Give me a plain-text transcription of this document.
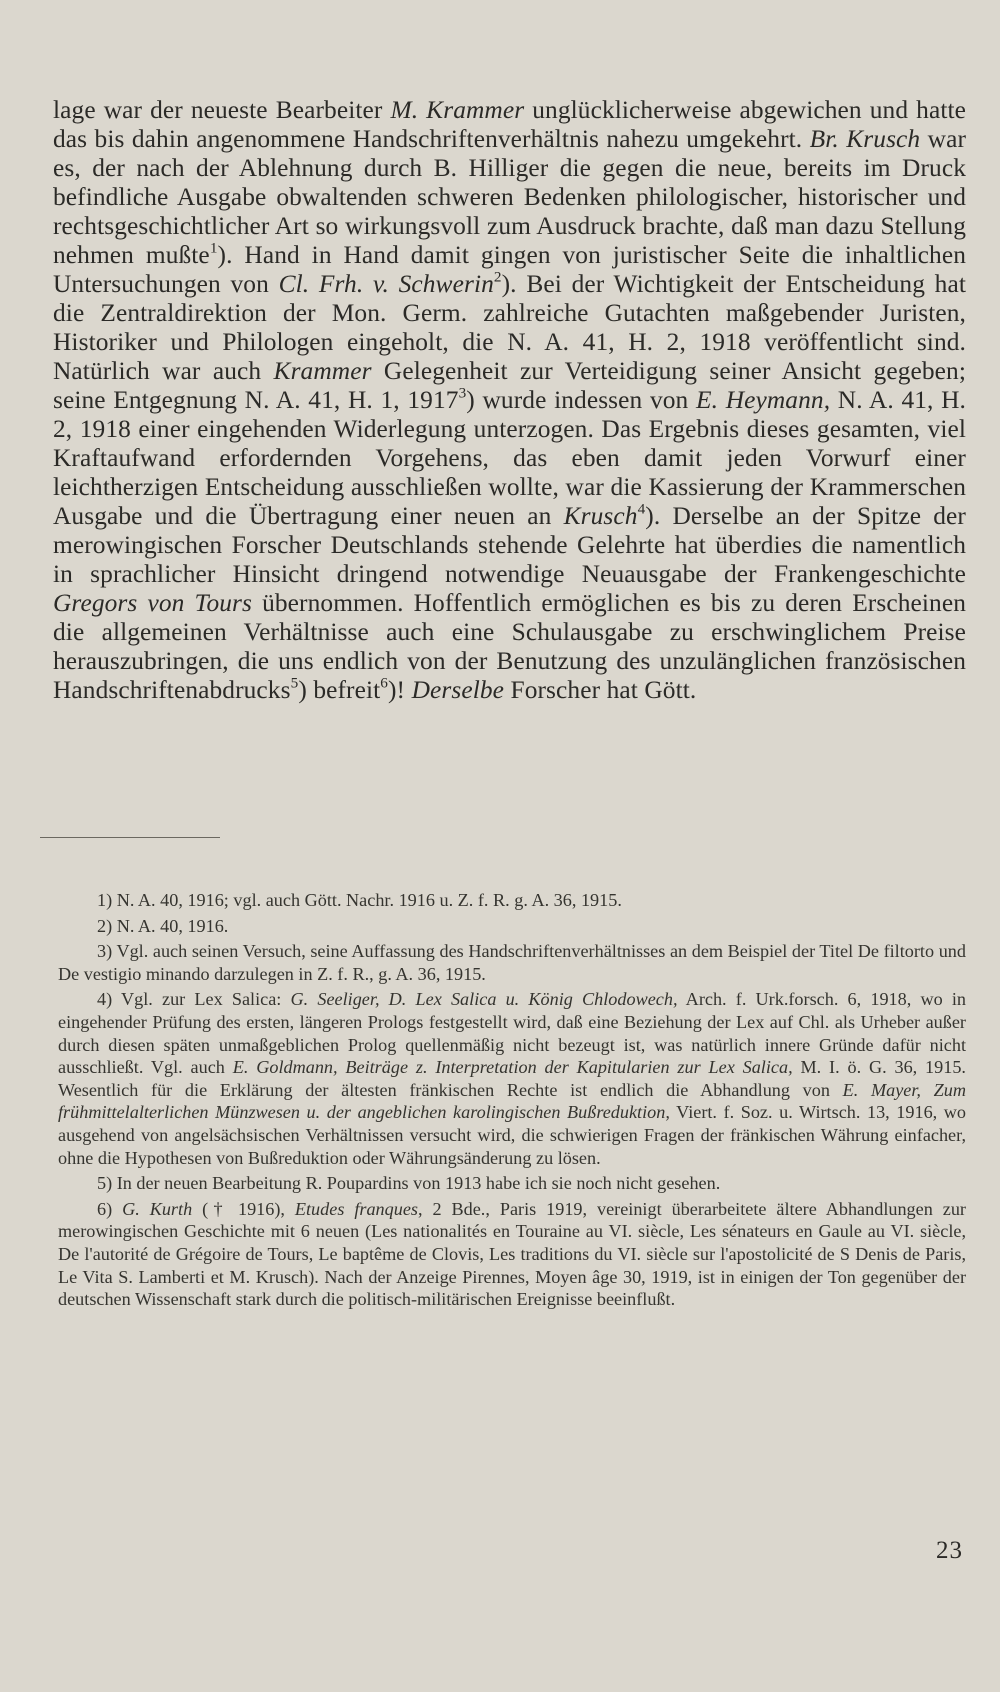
lage war der neueste Bearbeiter M. Krammer unglücklicherweise abgewichen und hatte das bis dahin angenommene Handschriftenverhältnis nahezu umgekehrt. Br. Krusch war es, der nach der Ablehnung durch B. Hilliger die gegen die neue, bereits im Druck befindliche Ausgabe obwaltenden schweren Bedenken philologischer, historischer und rechtsgeschichtlicher Art so wirkungsvoll zum Ausdruck brachte, daß man dazu Stellung nehmen mußte$^1$). Hand in Hand damit gingen von juristischer Seite die inhaltlichen Untersuchungen von Cl. Frh. v. Schwerin$^2$). Bei der Wichtigkeit der Entscheidung hat die Zentraldirektion der Mon. Germ. zahlreiche Gutachten maßgebender Juristen, Historiker und Philologen eingeholt, die N. A. 41, H. 2, 1918 veröffentlicht sind. Natürlich war auch Krammer Gelegenheit zur Verteidigung seiner Ansicht gegeben; seine Entgegnung N. A. 41, H. 1, 1917$^3$) wurde indessen von E. Heymann, N. A. 41, H. 2, 1918 einer eingehenden Widerlegung unterzogen. Das Ergebnis dieses gesamten, viel Kraftaufwand erfordernden Vorgehens, das eben damit jeden Vorwurf einer leichtherzigen Entscheidung ausschließen wollte, war die Kassierung der Krammerschen Ausgabe und die Übertragung einer neuen an Krusch$^4$). Derselbe an der Spitze der merowingischen Forscher Deutschlands stehende Gelehrte hat überdies die namentlich in sprachlicher Hinsicht dringend notwendige Neuausgabe der Frankengeschichte Gregors von Tours übernommen. Hoffentlich ermöglichen es bis zu deren Erscheinen die allgemeinen Verhältnisse auch eine Schulausgabe zu erschwinglichem Preise herauszubringen, die uns endlich von der Benutzung des unzulänglichen französischen Handschriftenabdrucks$^5$) befreit$^6$)! Derselbe Forscher hat Gött.

1) N. A. 40, 1916; vgl. auch Gött. Nachr. 1916 u. Z. f. R. g. A. 36, 1915.

2) N. A. 40, 1916.

3) Vgl. auch seinen Versuch, seine Auffassung des Handschriftenverhältnisses an dem Beispiel der Titel De filtorto und De vestigio minando darzulegen in Z. f. R., g. A. 36, 1915.

4) Vgl. zur Lex Salica: G. Seeliger, D. Lex Salica u. König Chlodowech, Arch. f. Urk.forsch. 6, 1918, wo in eingehender Prüfung des ersten, längeren Prologs festgestellt wird, daß eine Beziehung der Lex auf Chl. als Urheber außer durch diesen späten unmaßgeblichen Prolog quellenmäßig nicht bezeugt ist, was natürlich innere Gründe dafür nicht ausschließt. Vgl. auch E. Goldmann, Beiträge z. Interpretation der Kapitularien zur Lex Salica, M. I. ö. G. 36, 1915. Wesentlich für die Erklärung der ältesten fränkischen Rechte ist endlich die Abhandlung von E. Mayer, Zum frühmittelalterlichen Münzwesen u. der angeblichen karolingischen Bußreduktion, Viert. f. Soz. u. Wirtsch. 13, 1916, wo ausgehend von angelsächsischen Verhältnissen versucht wird, die schwierigen Fragen der fränkischen Währung einfacher, ohne die Hypothesen von Bußreduktion oder Währungsänderung zu lösen.

5) In der neuen Bearbeitung R. Poupardins von 1913 habe ich sie noch nicht gesehen.

6) G. Kurth († 1916), Etudes franques, 2 Bde., Paris 1919, vereinigt überarbeitete ältere Abhandlungen zur merowingischen Geschichte mit 6 neuen (Les nationalités en Touraine au VI. siècle, Les sénateurs en Gaule au VI. siècle, De l'autorité de Grégoire de Tours, Le baptême de Clovis, Les traditions du VI. siècle sur l'apostolicité de S Denis de Paris, Le Vita S. Lamberti et M. Krusch). Nach der Anzeige Pirennes, Moyen âge 30, 1919, ist in einigen der Ton gegenüber der deutschen Wissenschaft stark durch die politisch-militärischen Ereignisse beeinflußt.

23
